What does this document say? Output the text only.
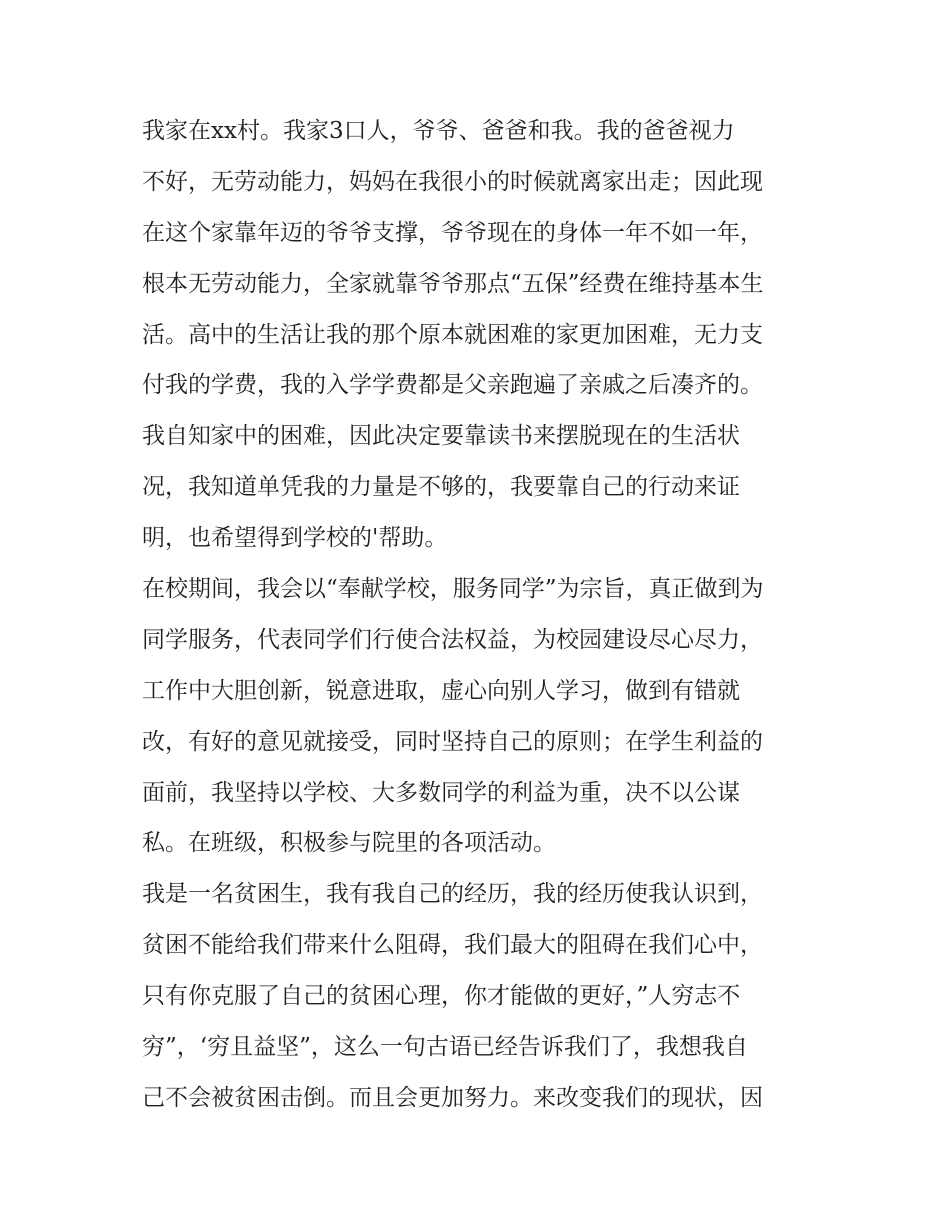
我家在xx村。我家3口人，爷爷、爸爸和我。我的爸爸视力
不好，无劳动能力，妈妈在我很小的时候就离家出走；因此现
在这个家靠年迈的爷爷支撑，爷爷现在的身体一年不如一年，
根本无劳动能力，全家就靠爷爷那点“五保”经费在维持基本生
活。高中的生活让我的那个原本就困难的家更加困难，无力支
付我的学费，我的入学学费都是父亲跑遍了亲戚之后凑齐的。
我自知家中的困难，因此决定要靠读书来摆脱现在的生活状
况，我知道单凭我的力量是不够的，我要靠自己的行动来证
明，也希望得到学校的'帮助。
在校期间，我会以“奉献学校，服务同学”为宗旨，真正做到为
同学服务，代表同学们行使合法权益，为校园建设尽心尽力，
工作中大胆创新，锐意进取，虚心向别人学习，做到有错就
改，有好的意见就接受，同时坚持自己的原则；在学生利益的
面前，我坚持以学校、大多数同学的利益为重，决不以公谋
私。在班级，积极参与院里的各项活动。
我是一名贫困生，我有我自己的经历，我的经历使我认识到，
贫困不能给我们带来什么阻碍，我们最大的阻碍在我们心中，
只有你克服了自己的贫困心理，你才能做的更好，”人穷志不
穷”，‘穷且益坚”，这么一句古语已经告诉我们了，我想我自
己不会被贫困击倒。而且会更加努力。来改变我们的现状，因
